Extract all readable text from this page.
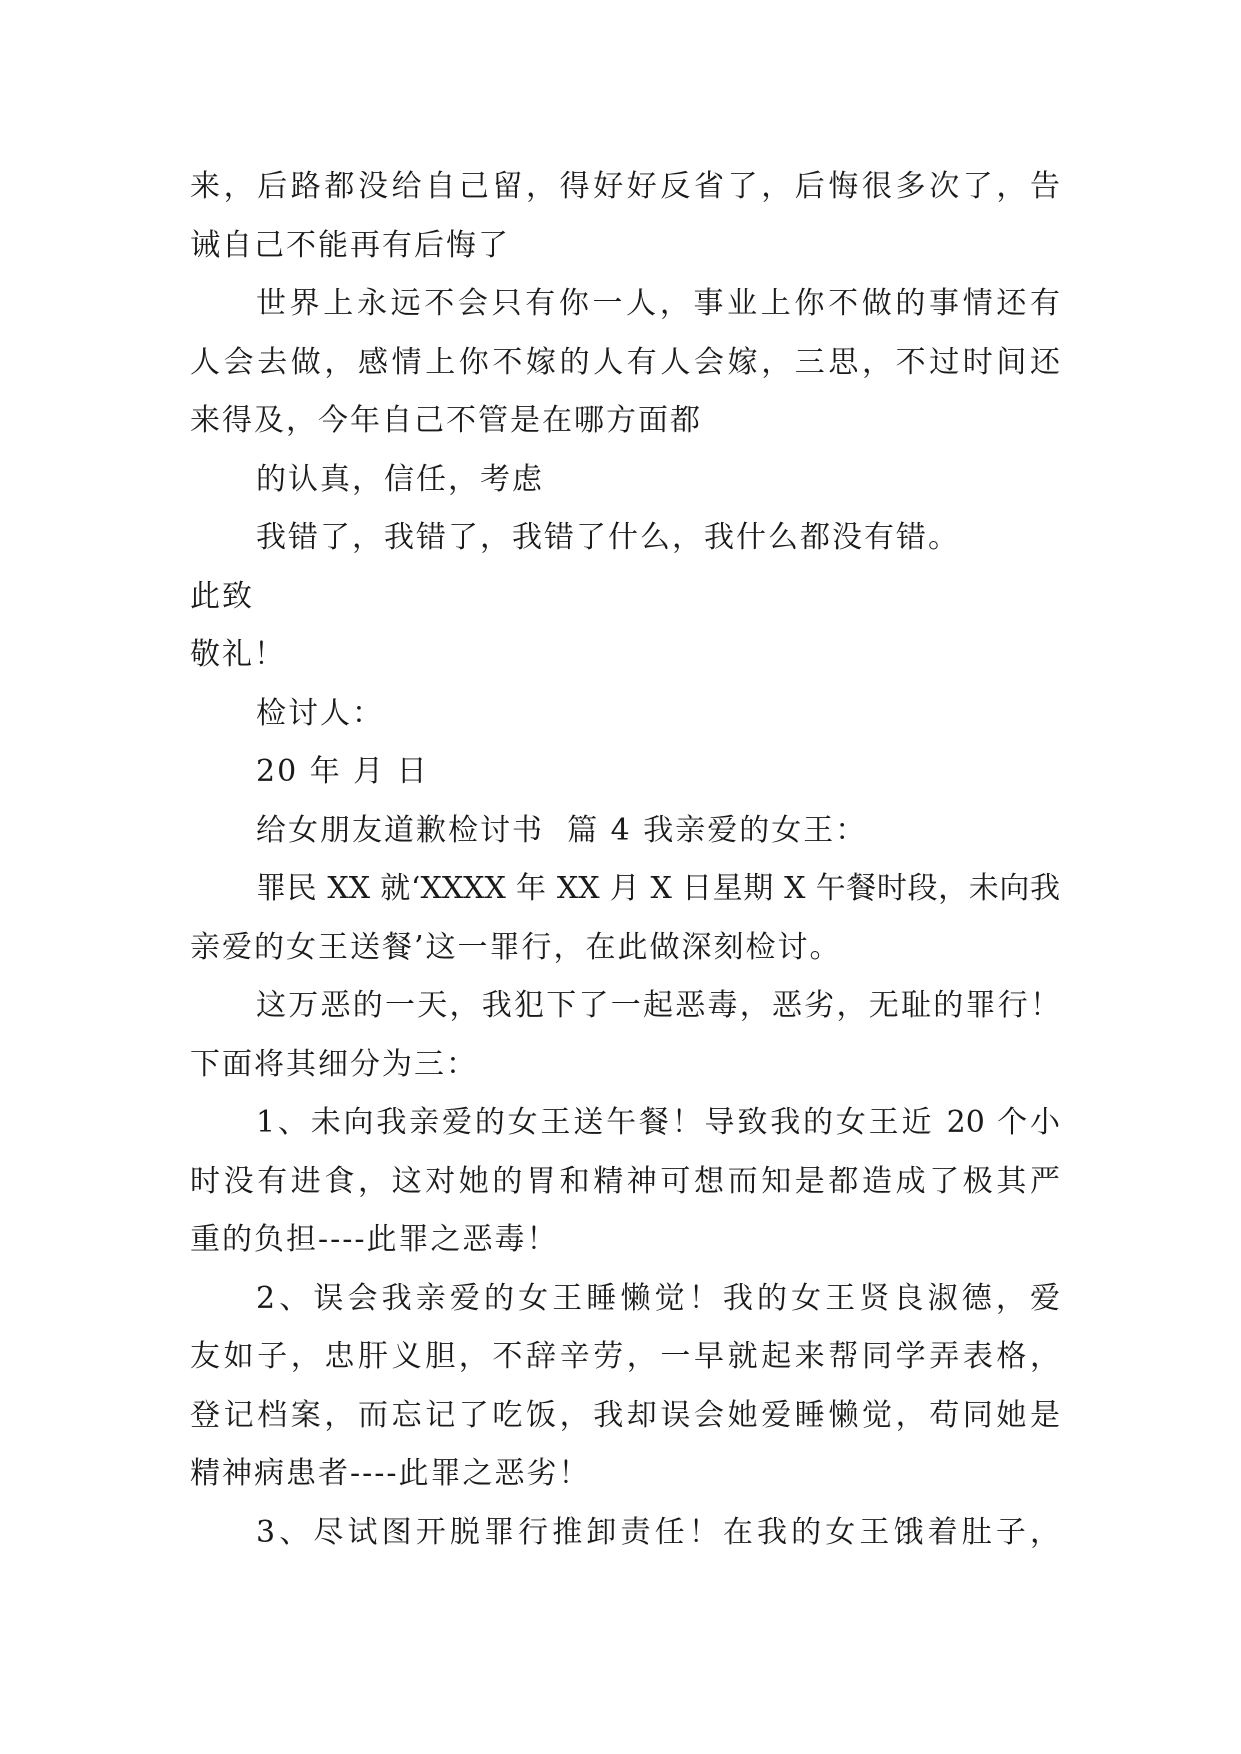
来，后路都没给自己留，得好好反省了，后悔很多次了，告
诫自己不能再有后悔了
世界上永远不会只有你一人，事业上你不做的事情还有
人会去做，感情上你不嫁的人有人会嫁，三思，不过时间还
来得及，今年自己不管是在哪方面都
的认真，信任，考虑
我错了，我错了，我错了什么，我什么都没有错。
此致
敬礼！
检讨人：
20 年 月 日
给女朋友道歉检讨书  篇 4 我亲爱的女王：
罪民 XX 就‘XXXX 年 XX 月 X 日星期 X 午餐时段，未向我
亲爱的女王送餐’这一罪行，在此做深刻检讨。
这万恶的一天，我犯下了一起恶毒，恶劣，无耻的罪行！
下面将其细分为三：
1、未向我亲爱的女王送午餐！导致我的女王近 20 个小
时没有进食，这对她的胃和精神可想而知是都造成了极其严
重的负担----此罪之恶毒！
2、误会我亲爱的女王睡懒觉！我的女王贤良淑德，爱
友如子，忠肝义胆，不辞辛劳，一早就起来帮同学弄表格，
登记档案，而忘记了吃饭，我却误会她爱睡懒觉，苟同她是
精神病患者----此罪之恶劣！
3、尽试图开脱罪行推卸责任！在我的女王饿着肚子，
